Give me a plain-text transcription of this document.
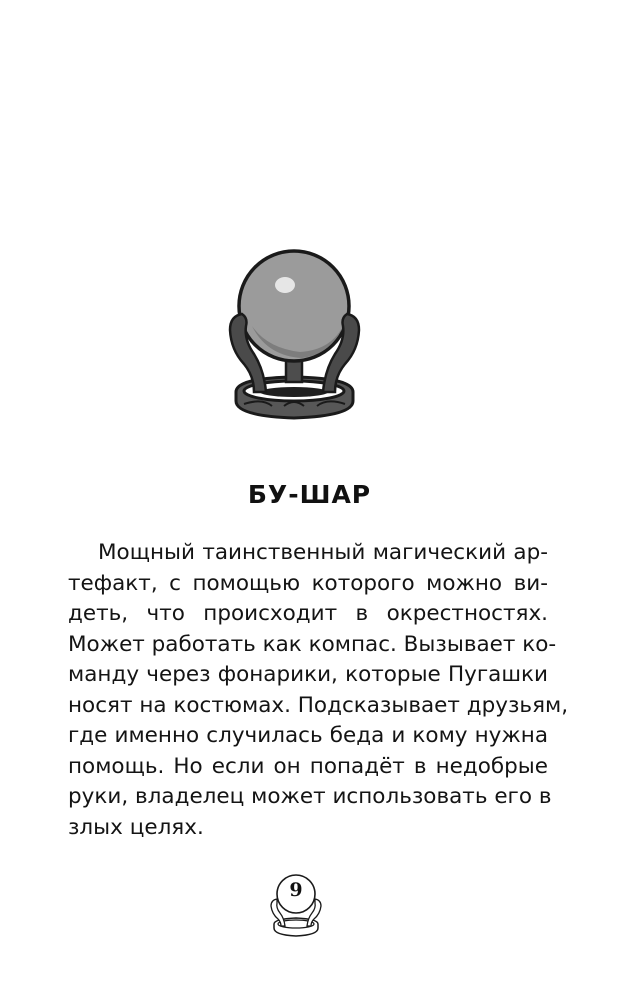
БУ-ШАР
Мощный таинственный магический ар-
тефакт, с помощью которого можно ви-
деть, что происходит в окрестностях.
Может работать как компас. Вызывает ко-
манду через фонарики, которые Пугашки
носят на костюмах. Подсказывает друзьям,
где именно случилась беда и кому нужна
помощь. Но если он попадёт в недобрые
руки, владелец может использовать его в
злых целях.
9
